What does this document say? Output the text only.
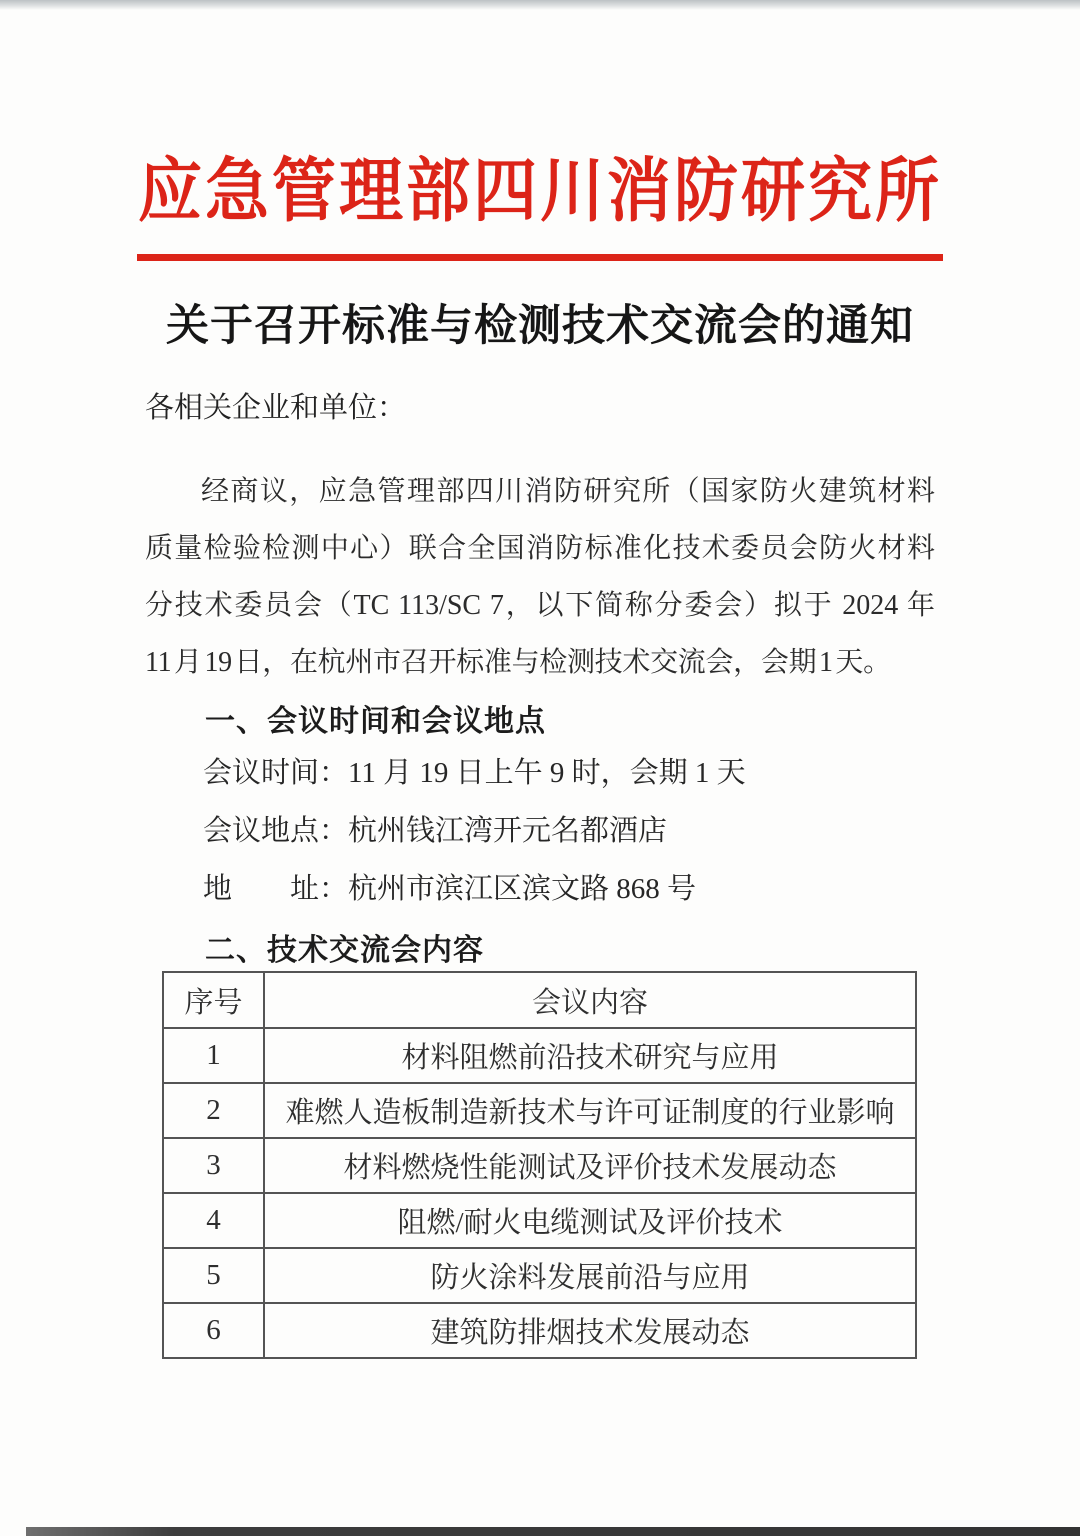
应急管理部四川消防研究所
关于召开标准与检测技术交流会的通知

各相关企业和单位：

经商议，应急管理部四川消防研究所（国家防火建筑材料
质量检验检测中心）联合全国消防标准化技术委员会防火材料
分技术委员会（TC 113/SC 7，以下简称分委会）拟于 2024 年
11 月 19 日，在杭州市召开标准与检测技术交流会，会期 1 天。
一、会议时间和会议地点

会议时间：11 月 19 日上午 9 时，会期 1 天

会议地点：杭州钱江湾开元名都酒店

地　　址：杭州市滨江区滨文路 868 号

二、技术交流会内容
序号	会议内容
1	材料阻燃前沿技术研究与应用
2	难燃人造板制造新技术与许可证制度的行业影响
3	材料燃烧性能测试及评价技术发展动态
4	阻燃/耐火电缆测试及评价技术
5	防火涂料发展前沿与应用
6	建筑防排烟技术发展动态
